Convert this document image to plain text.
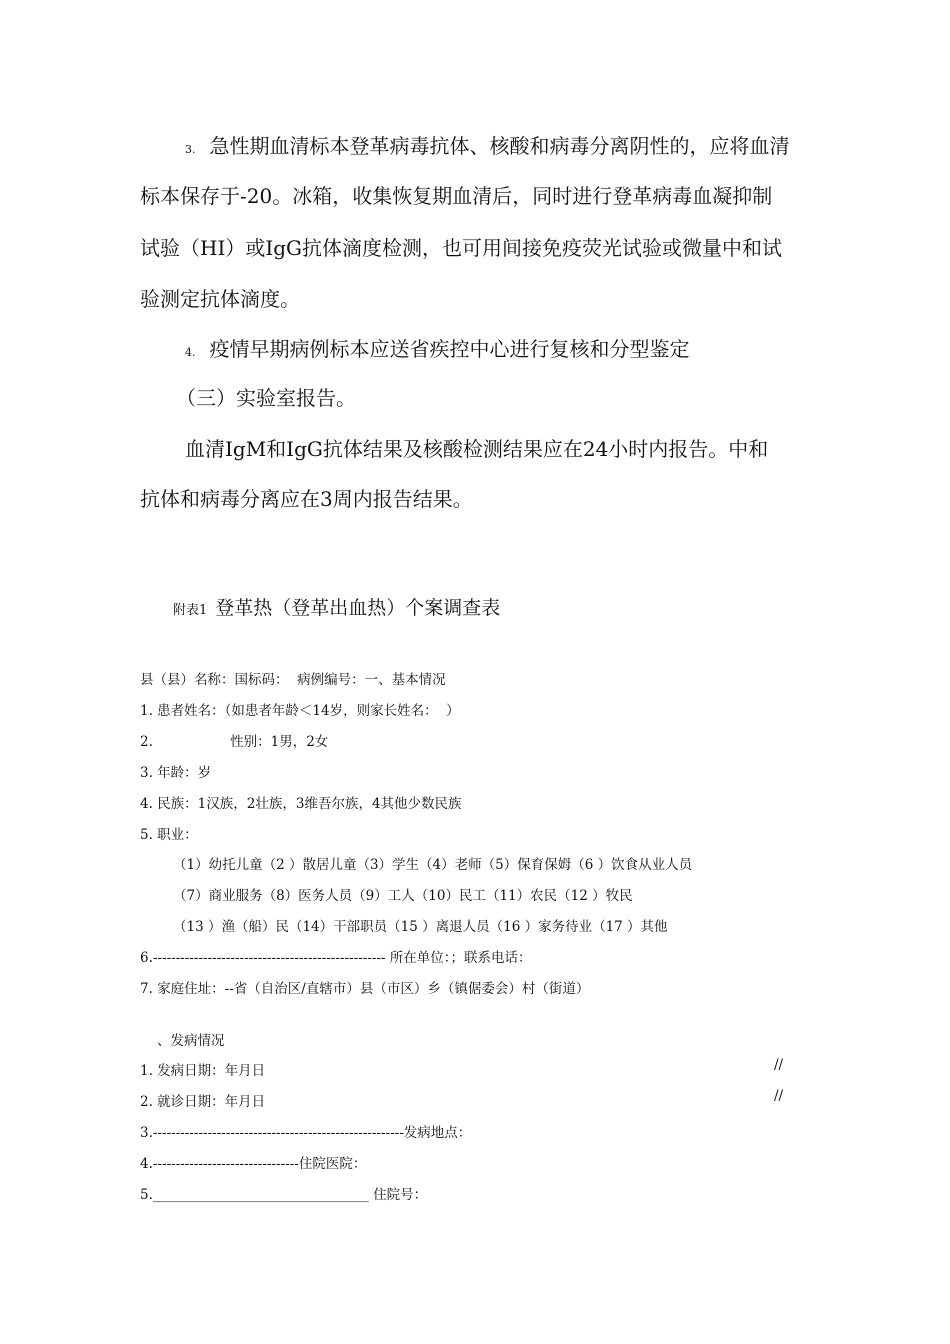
3. 急性期血清标本登革病毒抗体、核酸和病毒分离阴性的，应将血清
标本保存于-20。冰箱，收集恢复期血清后，同时进行登革病毒血凝抑制
试验（HI）或IgG抗体滴度检测，也可用间接免疫荧光试验或微量中和试
验测定抗体滴度。
4. 疫情早期病例标本应送省疾控中心进行复核和分型鉴定
（三）实验室报告。
血清IgM和IgG抗体结果及核酸检测结果应在24小时内报告。中和
抗体和病毒分离应在3周内报告结果。
附表1 登革热（登革出血热）个案调查表
县（县）名称：国标码：  病例编号：一、基本情况
1. 患者姓名：（如患者年龄＜14岁，则家长姓名：  ）
2.                  性别：1男，2女
3. 年龄：岁
4. 民族：1汉族，2壮族，3维吾尔族，4其他少数民族
5. 职业：
（1）幼托儿童（2 ）散居儿童（3）学生（4）老师（5）保育保姆（6 ）饮食从业人员
（7）商业服务（8）医务人员（9）工人（10）民工（11）农民（12 ）牧民
（13 ）渔（船）民（14）干部职员（15 ）离退人员（16 ）家务待业（17 ）其他
6.--------------------------------------------------- 所在单位：；联系电话：
7. 家庭住址：--省（自治区/直辖市）县（市区）乡（镇倨委会）村（街道）
、发病情况
1. 发病日期：年月日	//
2. 就诊日期：年月日	//
3.-------------------------------------------------------发病地点：
4.--------------------------------住院医院：
5.________________________________ 住院号：
